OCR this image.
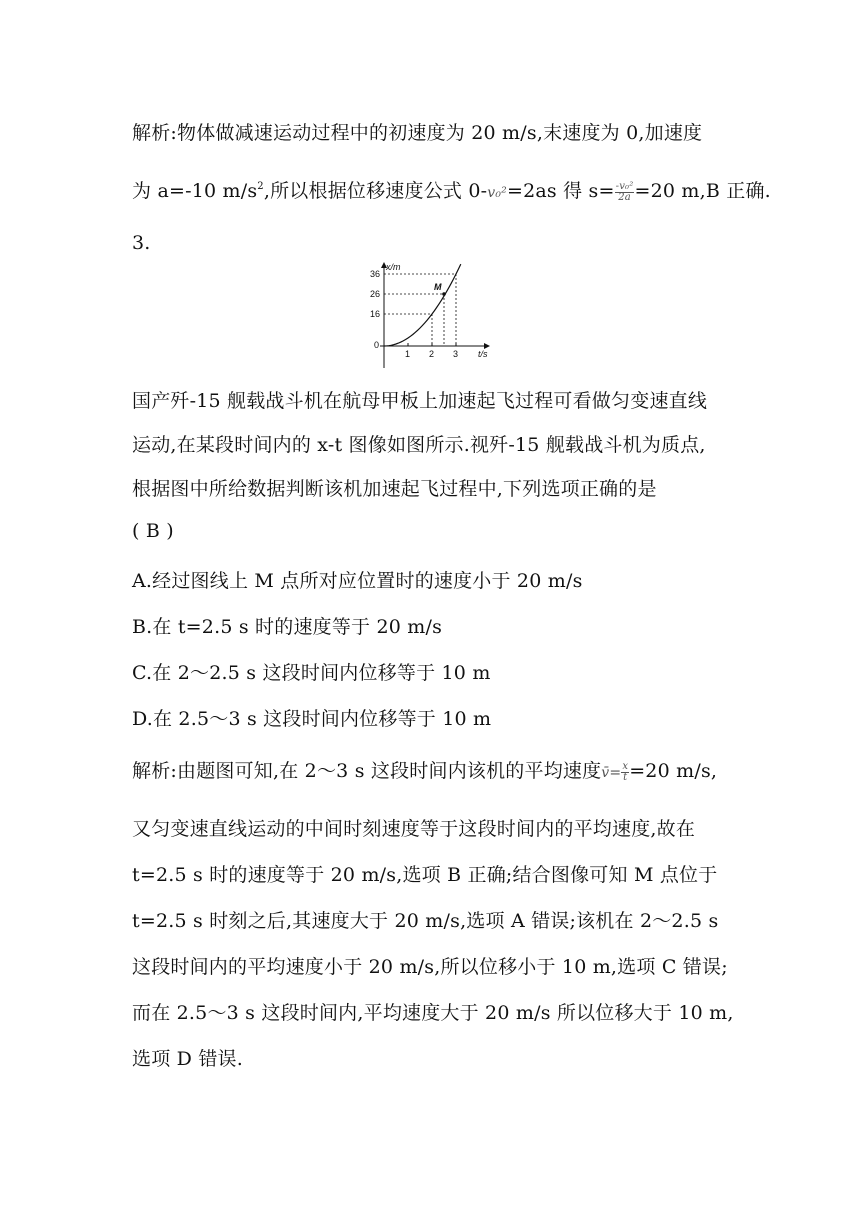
解析:物体做减速运动过程中的初速度为 20 m/s,末速度为 0,加速度
为 a=-10 $m/s^2$,所以根据位移速度公式 0-v₀²=2as 得 $s= \frac{\text{-v₀²}}{2a} =20$ m,B 正确.
3.
1 2 3
16
26
36
0
t/s
x/m
M
国产歼-15 舰载战斗机在航母甲板上加速起飞过程可看做匀变速直线
运动,在某段时间内的 x-t 图像如图所示.视歼-15 舰载战斗机为质点,
根据图中所给数据判断该机加速起飞过程中,下列选项正确的是
( B )
A.经过图线上 M 点所对应位置时的速度小于 20 m/s
B.在 t=2.5 s 时的速度等于 20 m/s
C.在 2～2.5 s 这段时间内位移等于 10 m
D.在 2.5～3 s 这段时间内位移等于 10 m
解析:由题图可知,在 2～3 s 这段时间内该机的平均速度v̄= $\frac{x}{t} =20$ m/s,
又匀变速直线运动的中间时刻速度等于这段时间内的平均速度,故在
t=2.5 s 时的速度等于 20 m/s,选项 B 正确;结合图像可知 M 点位于
t=2.5 s 时刻之后,其速度大于 20 m/s,选项 A 错误;该机在 2～2.5 s
这段时间内的平均速度小于 20 m/s,所以位移小于 10 m,选项 C 错误;
而在 2.5～3 s 这段时间内,平均速度大于 20 m/s 所以位移大于 10 m,
选项 D 错误.
